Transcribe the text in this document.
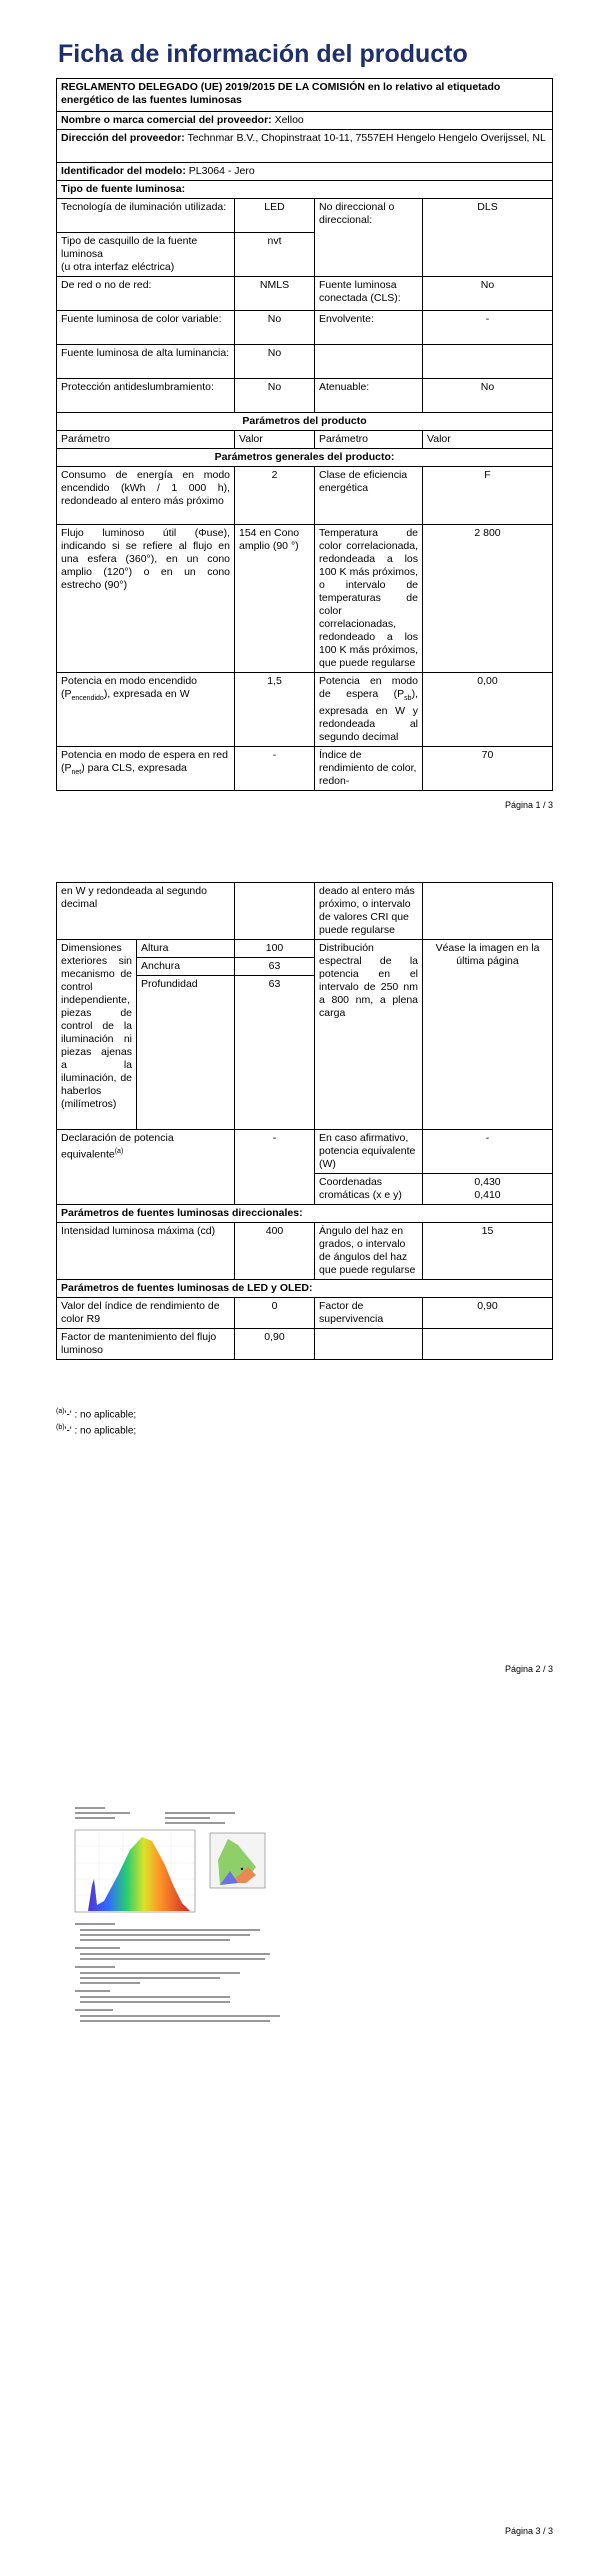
Ficha de información del producto
REGLAMENTO DELEGADO (UE) 2019/2015 DE LA COMISIÓN en lo relativo al etiquetado energético de las fuentes luminosas			
Nombre o marca comercial del proveedor: Xelloo			
Dirección del proveedor: Technmar B.V., Chopinstraat 10-11, 7557EH Hengelo Hengelo Overijssel, NL			
Identificador del modelo: PL3064 - Jero			
Tipo de fuente luminosa:			
Tecnología de iluminación utilizada:	LED	No direccional o direccional:	DLS
Tipo de casquillo de la fuente luminosa
(u otra interfaz eléctrica)	nvt		
De red o no de red:	NMLS	Fuente luminosa conectada (CLS):	No
Fuente luminosa de color variable:	No	Envolvente:	-
Fuente luminosa de alta luminancia:	No		
Protección antideslumbramiento:	No	Atenuable:	No
Parámetros del producto			
Parámetro	Valor	Parámetro	Valor
Parámetros generales del producto:			
Consumo de energía en modo encendido (kWh / 1 000 h), redondeado al entero más próximo	2	Clase de eficiencia energética	F
Flujo luminoso útil (Φuse), indicando si se refiere al flujo en una esfera (360°), en un cono amplio (120°) o en un cono estrecho (90°)	154 en Cono amplio (90 °)	Temperatura de color correlacionada, redondeada a los 100 K más próximos, o intervalo de temperaturas de color correlacionadas, redondeado a los 100 K más próximos, que puede regularse	2 800
Potencia en modo encendido $(P_{encendido})$, expresada en W	1,5	Potencia en modo de espera $(P_{sb})$, expresada en W y redondeada al segundo decimal	0,00
Potencia en modo de espera en red $(P_{net})$ para CLS, expresada	-	Índice de rendimiento de color, redon-	70
Página 1 / 3
en W y redondeada al segundo decimal			deado al entero más próximo, o intervalo de valores CRI que puede regularse	
Dimensiones exteriores sin mecanismo de control independiente, piezas de control de la iluminación ni piezas ajenas a la iluminación, de haberlos (milímetros)	Altura	100	Distribución espectral de la potencia en el intervalo de 250 nm a 800 nm, a plena carga	Véase la imagen en la última página
	Anchura	63		
	Profundidad	63		
Declaración de potencia equivalente$^{(a)}$		-	En caso afirmativo, potencia equivalente (W)	-
			Coordenadas cromáticas (x e y)	0,430
0,410
Parámetros de fuentes luminosas direccionales:				
Intensidad luminosa máxima (cd)		400	Ángulo del haz en grados, o intervalo de ángulos del haz que puede regularse	15
Parámetros de fuentes luminosas de LED y OLED:				
Valor del índice de rendimiento de color R9		0	Factor de supervivencia	0,90
Factor de mantenimiento del flujo luminoso		0,90		
$^{(a)}$'-' : no aplicable;
$^{(b)}$'-' : no aplicable;
Página 2 / 3
Página 3 / 3
